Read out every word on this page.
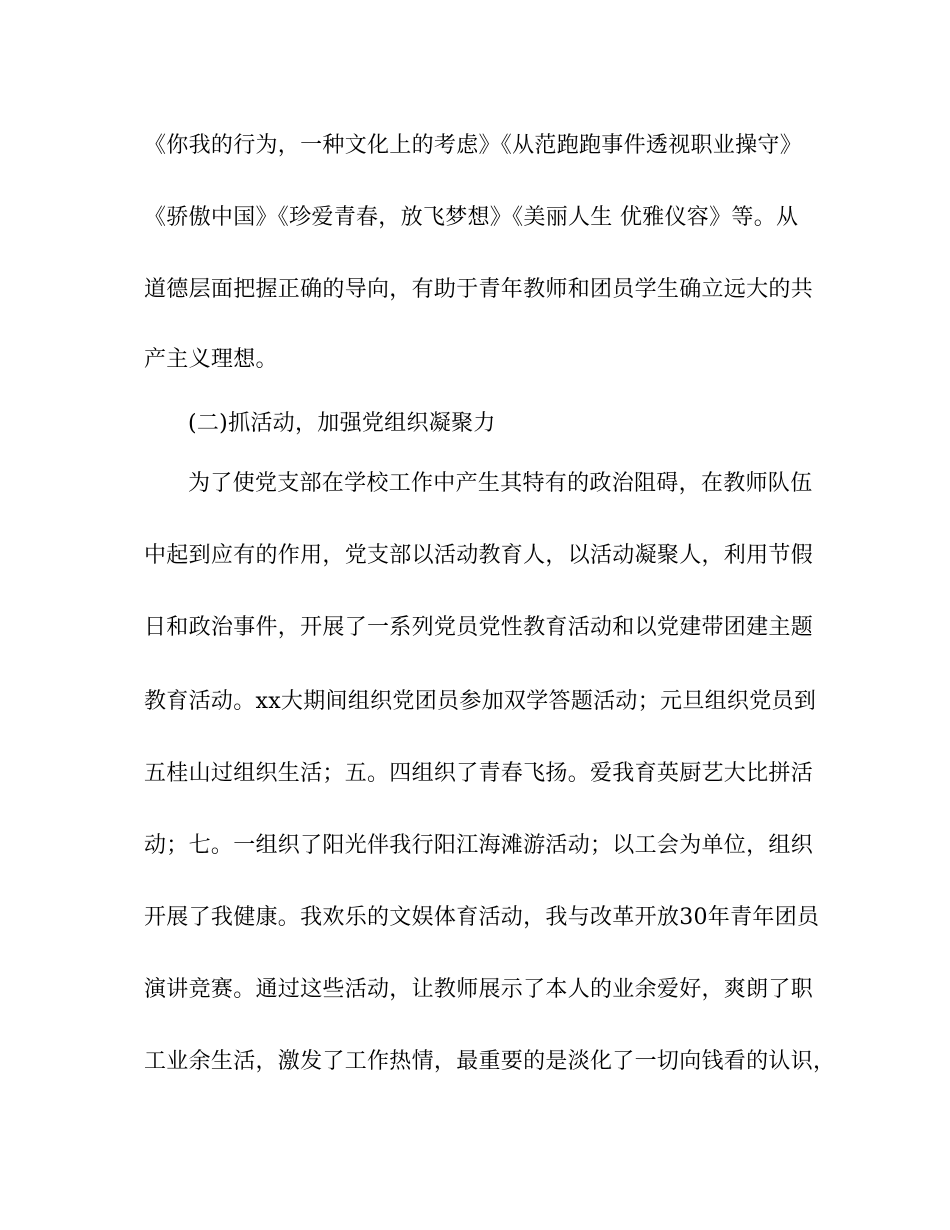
《你我的行为，一种文化上的考虑》《从范跑跑事件透视职业操守》
《骄傲中国》《珍爱青春，放飞梦想》《美丽人生 优雅仪容》等。从
道德层面把握正确的导向，有助于青年教师和团员学生确立远大的共
产主义理想。
(二)抓活动，加强党组织凝聚力
为了使党支部在学校工作中产生其特有的政治阻碍，在教师队伍
中起到应有的作用，党支部以活动教育人，以活动凝聚人，利用节假
日和政治事件，开展了一系列党员党性教育活动和以党建带团建主题
教育活动。xx大期间组织党团员参加双学答题活动；元旦组织党员到
五桂山过组织生活；五。四组织了青春飞扬。爱我育英厨艺大比拼活
动；七。一组织了阳光伴我行阳江海滩游活动；以工会为单位，组织
开展了我健康。我欢乐的文娱体育活动，我与改革开放30年青年团员
演讲竞赛。通过这些活动，让教师展示了本人的业余爱好，爽朗了职
工业余生活，激发了工作热情，最重要的是淡化了一切向钱看的认识，
